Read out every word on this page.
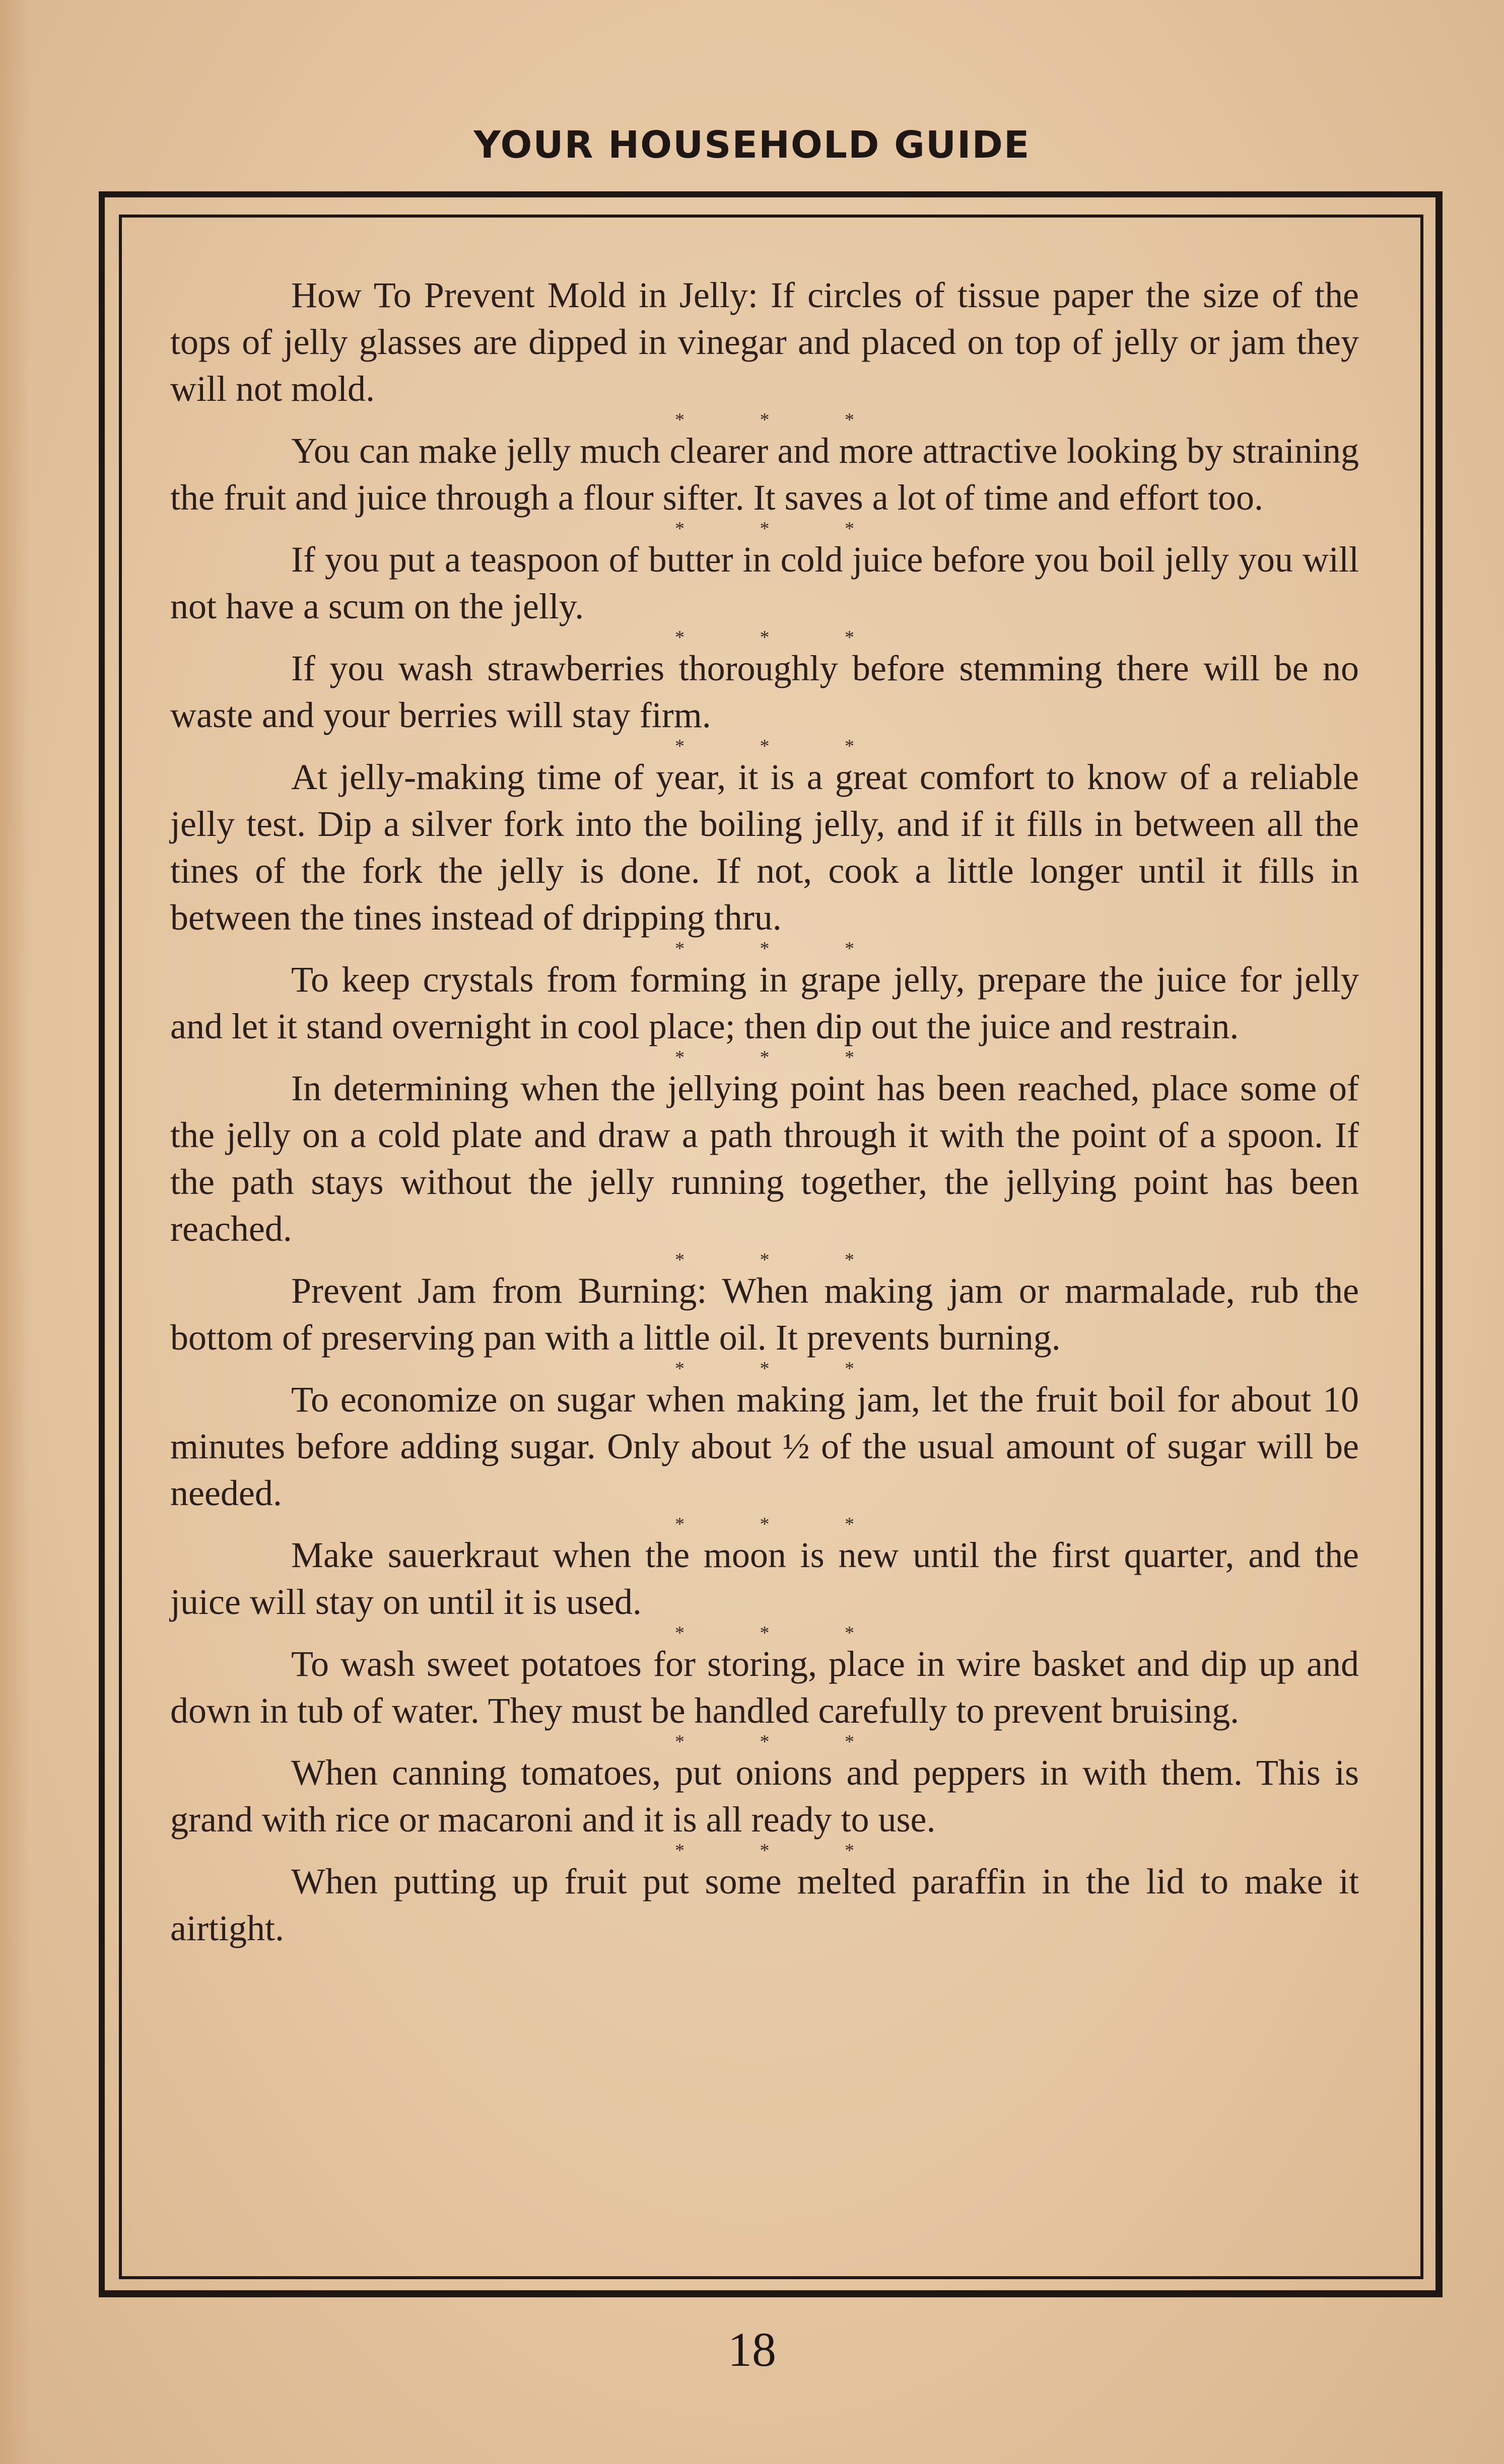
YOUR HOUSEHOLD GUIDE

How To Prevent Mold in Jelly: If circles of tissue paper the size of the tops of jelly glasses are dipped in vinegar and placed on top of jelly or jam they will not mold.

* * *

You can make jelly much clearer and more attractive looking by straining the fruit and juice through a flour sifter. It saves a lot of time and effort too.

* * *

If you put a teaspoon of butter in cold juice before you boil jelly you will not have a scum on the jelly.

* * *

If you wash strawberries thoroughly before stemming there will be no waste and your berries will stay firm.

* * *

At jelly-making time of year, it is a great comfort to know of a reliable jelly test. Dip a silver fork into the boiling jelly, and if it fills in between all the tines of the fork the jelly is done. If not, cook a little longer until it fills in between the tines instead of dripping thru.

* * *

To keep crystals from forming in grape jelly, prepare the juice for jelly and let it stand overnight in cool place; then dip out the juice and restrain.

* * *

In determining when the jellying point has been reached, place some of the jelly on a cold plate and draw a path through it with the point of a spoon. If the path stays without the jelly running together, the jellying point has been reached.

* * *

Prevent Jam from Burning: When making jam or marmalade, rub the bottom of preserving pan with a little oil. It prevents burning.

* * *

To economize on sugar when making jam, let the fruit boil for about 10 minutes before adding sugar. Only about ½ of the usual amount of sugar will be needed.

* * *

Make sauerkraut when the moon is new until the first quarter, and the juice will stay on until it is used.

* * *

To wash sweet potatoes for storing, place in wire basket and dip up and down in tub of water. They must be handled carefully to prevent bruising.

* * *

When canning tomatoes, put onions and peppers in with them. This is grand with rice or macaroni and it is all ready to use.

* * *

When putting up fruit put some melted paraffin in the lid to make it airtight.

18
